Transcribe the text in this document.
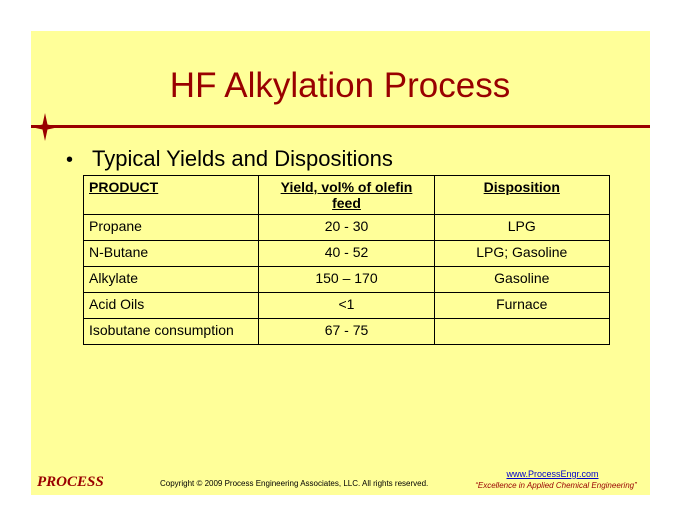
HF Alkylation Process
• Typical Yields and Dispositions
PRODUCT	Yield, vol% of olefin feed	Disposition
Propane	20 - 30	LPG
N-Butane	40 - 52	LPG; Gasoline
Alkylate	150 – 170	Gasoline
Acid Oils	<1	Furnace
Isobutane consumption	67 - 75	
PROCESS	Copyright © 2009 Process Engineering Associates, LLC. All rights reserved.
www.ProcessEngr.com
“Excellence in Applied Chemical Engineering”
